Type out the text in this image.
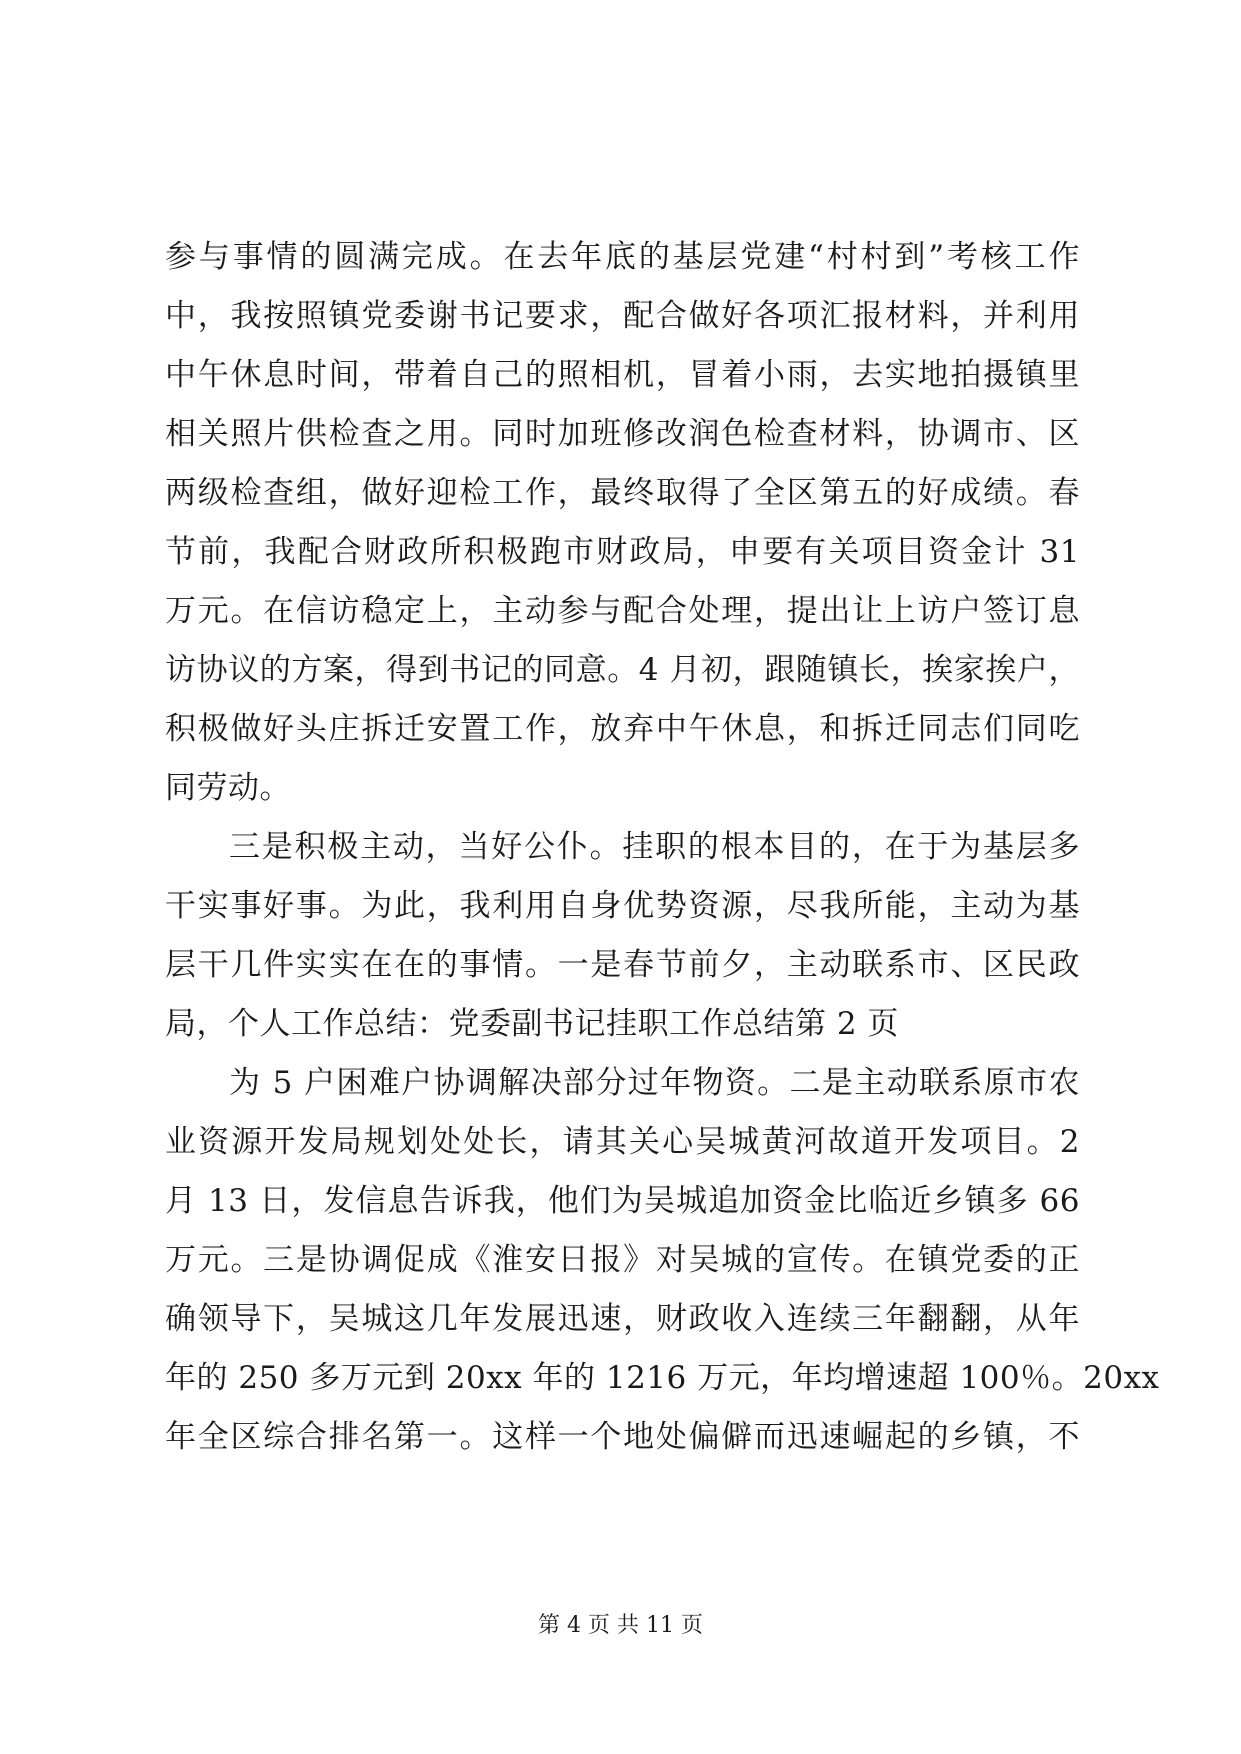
参与事情的圆满完成。在去年底的基层党建“村村到”考核工作
中，我按照镇党委谢书记要求，配合做好各项汇报材料，并利用
中午休息时间，带着自己的照相机，冒着小雨，去实地拍摄镇里
相关照片供检查之用。同时加班修改润色检查材料，协调市、区
两级检查组，做好迎检工作，最终取得了全区第五的好成绩。春
节前，我配合财政所积极跑市财政局，申要有关项目资金计 31
万元。在信访稳定上，主动参与配合处理，提出让上访户签订息
访协议的方案，得到书记的同意。4 月初，跟随镇长，挨家挨户，
积极做好头庄拆迁安置工作，放弃中午休息，和拆迁同志们同吃
同劳动。
三是积极主动，当好公仆。挂职的根本目的，在于为基层多
干实事好事。为此，我利用自身优势资源，尽我所能，主动为基
层干几件实实在在的事情。一是春节前夕，主动联系市、区民政
局，个人工作总结：党委副书记挂职工作总结第 2 页
为 5 户困难户协调解决部分过年物资。二是主动联系原市农
业资源开发局规划处处长，请其关心吴城黄河故道开发项目。2
月 13 日，发信息告诉我，他们为吴城追加资金比临近乡镇多 66
万元。三是协调促成《淮安日报》对吴城的宣传。在镇党委的正
确领导下，吴城这几年发展迅速，财政收入连续三年翻翻，从年
年的 250 多万元到 20xx 年的 1216 万元，年均增速超 100％。20xx
年全区综合排名第一。这样一个地处偏僻而迅速崛起的乡镇，不
第 4 页 共 11 页
